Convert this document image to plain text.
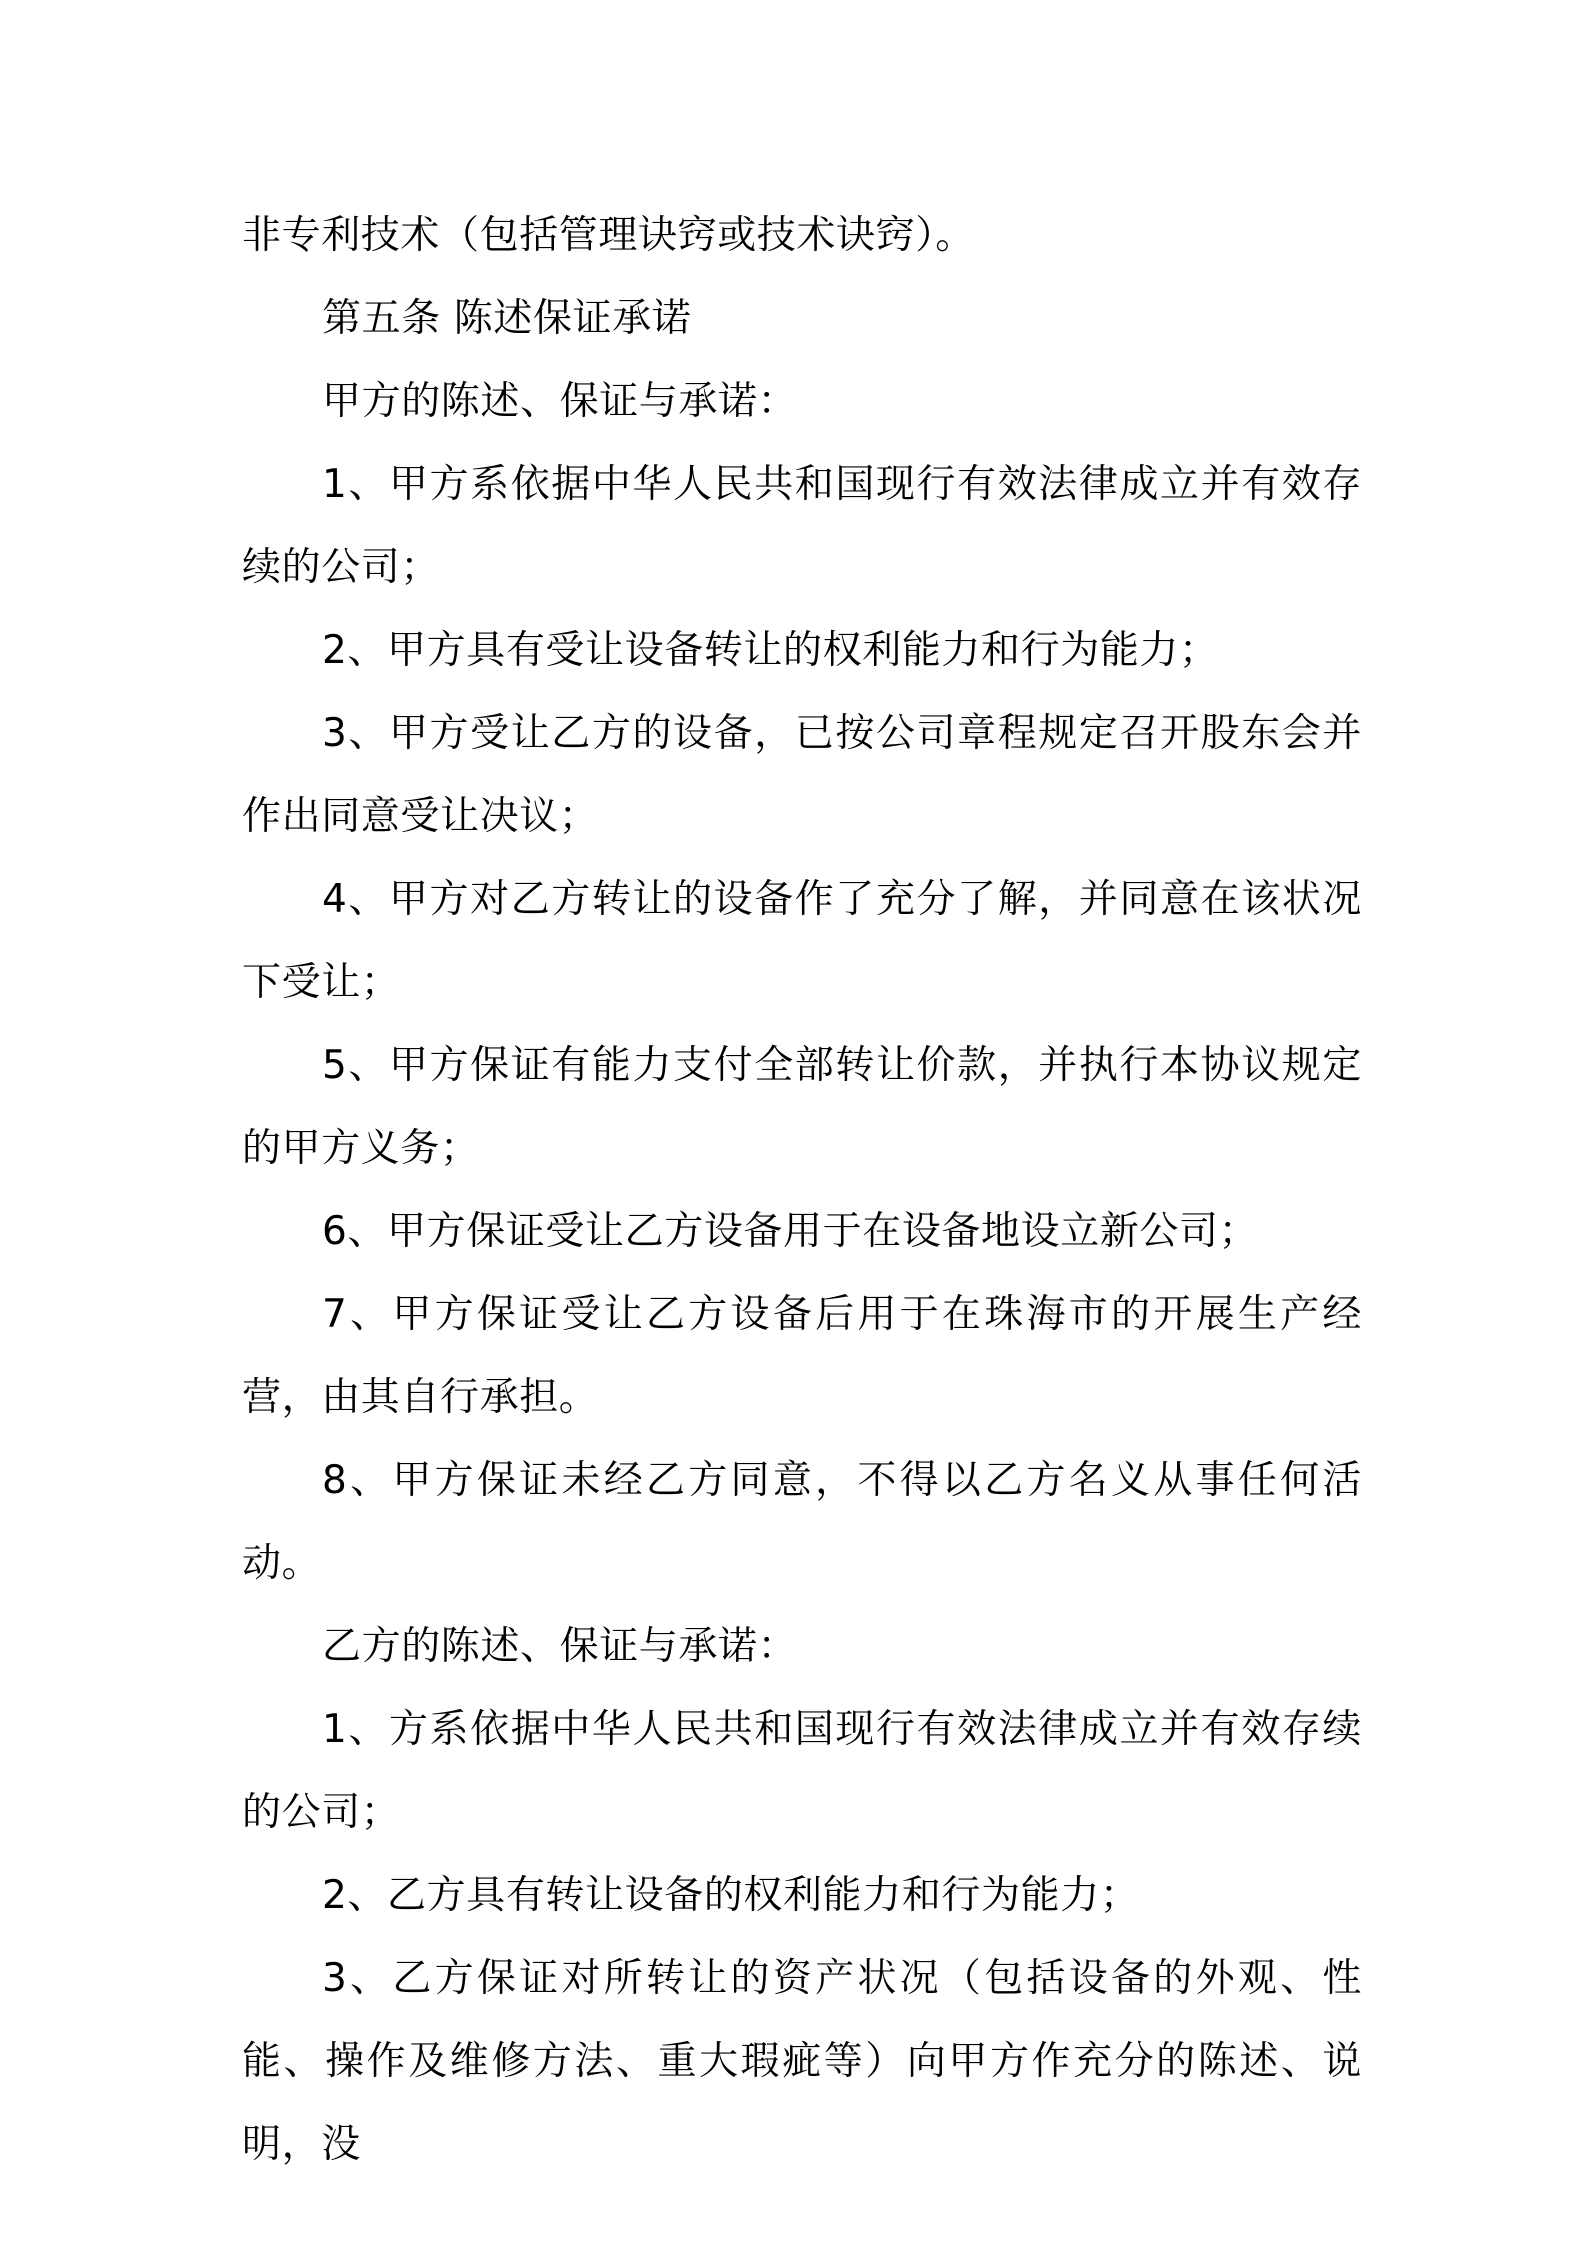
非专利技术（包括管理诀窍或技术诀窍）。

第五条 陈述保证承诺

甲方的陈述、保证与承诺：

1、甲方系依据中华人民共和国现行有效法律成立并有效存续的公司；

2、甲方具有受让设备转让的权利能力和行为能力；

3、甲方受让乙方的设备，已按公司章程规定召开股东会并作出同意受让决议；

4、甲方对乙方转让的设备作了充分了解，并同意在该状况下受让；

5、甲方保证有能力支付全部转让价款，并执行本协议规定的甲方义务；

6、甲方保证受让乙方设备用于在设备地设立新公司；

7、甲方保证受让乙方设备后用于在珠海市的开展生产经营，由其自行承担。

8、甲方保证未经乙方同意，不得以乙方名义从事任何活动。

乙方的陈述、保证与承诺：

1、方系依据中华人民共和国现行有效法律成立并有效存续的公司；

2、乙方具有转让设备的权利能力和行为能力；

3、乙方保证对所转让的资产状况（包括设备的外观、性能、操作及维修方法、重大瑕疵等）向甲方作充分的陈述、说明，没
